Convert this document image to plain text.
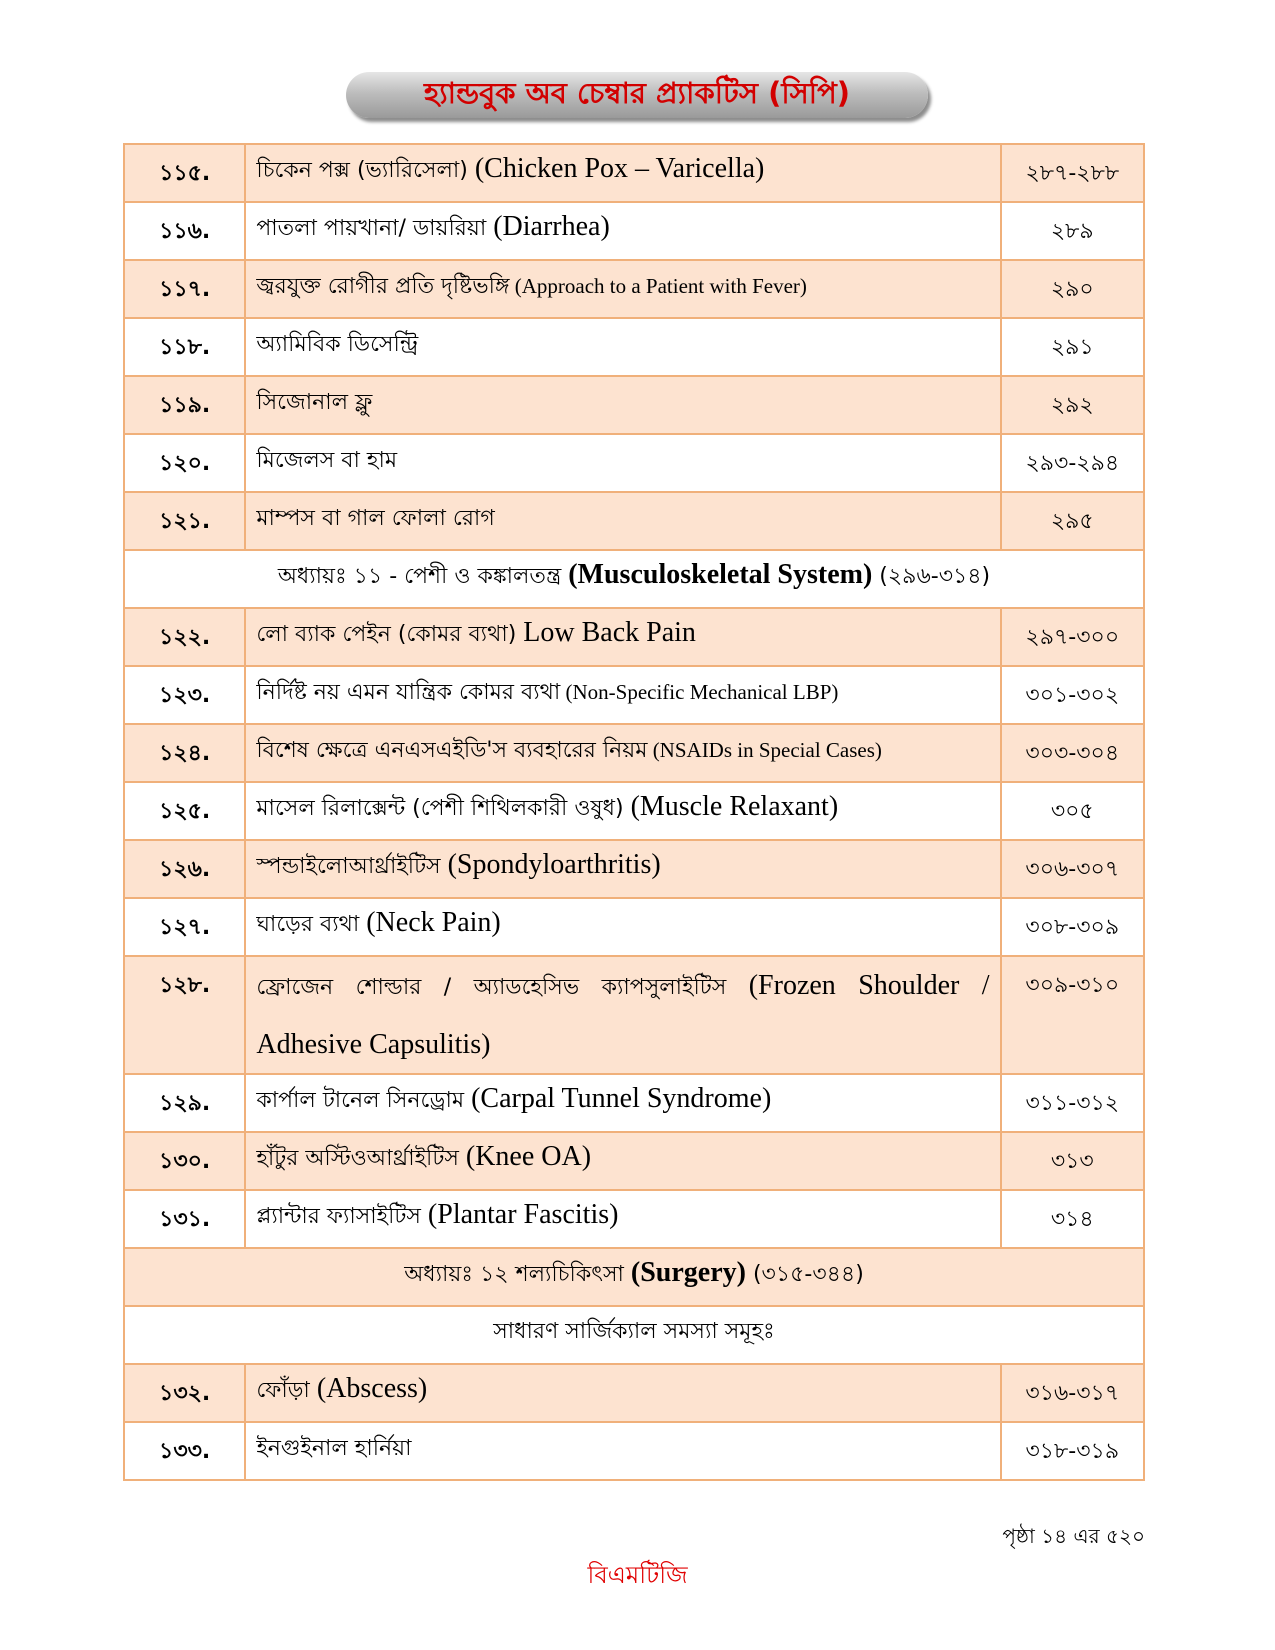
হ্যান্ডবুক অব চেম্বার প্র্যাকটিস (সিপি)
১১৫.	চিকেন পক্স (ভ্যারিসেলা) (Chicken Pox – Varicella)	২৮৭-২৮৮
১১৬.	পাতলা পায়খানা/ ডায়রিয়া (Diarrhea)	২৮৯
১১৭.	জ্বরযুক্ত রোগীর প্রতি দৃষ্টিভঙ্গি (Approach to a Patient with Fever)	২৯০
১১৮.	অ্যামিবিক ডিসেন্ট্রি	২৯১
১১৯.	সিজোনাল ফ্লু	২৯২
১২০.	মিজেলস বা হাম	২৯৩-২৯৪
১২১.	মাম্পস বা গাল ফোলা রোগ	২৯৫
অধ্যায়ঃ ১১ - পেশী ও কঙ্কালতন্ত্র (Musculoskeletal System) (২৯৬-৩১৪)		
১২২.	লো ব্যাক পেইন (কোমর ব্যথা) Low Back Pain	২৯৭-৩০০
১২৩.	নির্দিষ্ট নয় এমন যান্ত্রিক কোমর ব্যথা (Non-Specific Mechanical LBP)	৩০১-৩০২
১২৪.	বিশেষ ক্ষেত্রে এনএসএইডি'স ব্যবহারের নিয়ম (NSAIDs in Special Cases)	৩০৩-৩০৪
১২৫.	মাসেল রিলাক্সেন্ট (পেশী শিথিলকারী ওষুধ) (Muscle Relaxant)	৩০৫
১২৬.	স্পন্ডাইলোআর্থ্রাইটিস (Spondyloarthritis)	৩০৬-৩০৭
১২৭.	ঘাড়ের ব্যথা (Neck Pain)	৩০৮-৩০৯
১২৮.	ফ্রোজেন শোল্ডার / অ্যাডহেসিভ ক্যাপসুলাইটিস (Frozen Shoulder / Adhesive Capsulitis)	৩০৯-৩১০
১২৯.	কার্পাল টানেল সিনড্রোম (Carpal Tunnel Syndrome)	৩১১-৩১২
১৩০.	হাঁটুর অস্টিওআর্থ্রাইটিস (Knee OA)	৩১৩
১৩১.	প্ল্যান্টার ফ্যাসাইটিস (Plantar Fascitis)	৩১৪
অধ্যায়ঃ ১২ শল্যচিকিৎসা (Surgery) (৩১৫-৩৪৪)		
সাধারণ সার্জিক্যাল সমস্যা সমূহঃ		
১৩২.	ফোঁড়া (Abscess)	৩১৬-৩১৭
১৩৩.	ইনগুইনাল হার্নিয়া	৩১৮-৩১৯
পৃষ্ঠা ১৪ এর ৫২০
বিএমটিজি
